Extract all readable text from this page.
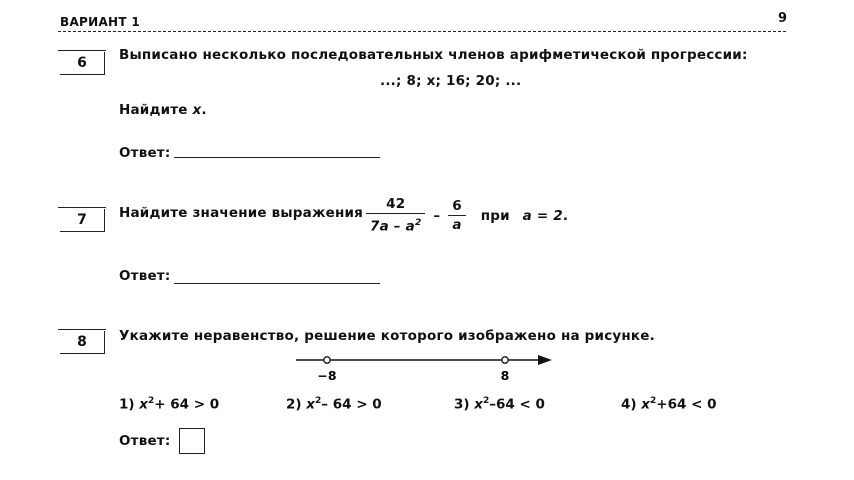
ВАРИАНТ 1	9
6	Выписано несколько последовательных членов арифметической прогрессии:
...; 8; x; 16; 20; ...
Найдите x.
Ответ:
7	Найдите значение выражения $\frac{42}{7a - a^2} - \frac{6}{a}$ при a = 2.
Ответ:
8	Укажите неравенство, решение которого изображено на рисунке.
−8	8
1) $x^2+ 64 > 0$	2) $x^2-$ 64 > 0	3) $x^2-64 < 0$	4) $x^2+64 < 0$
Ответ:
